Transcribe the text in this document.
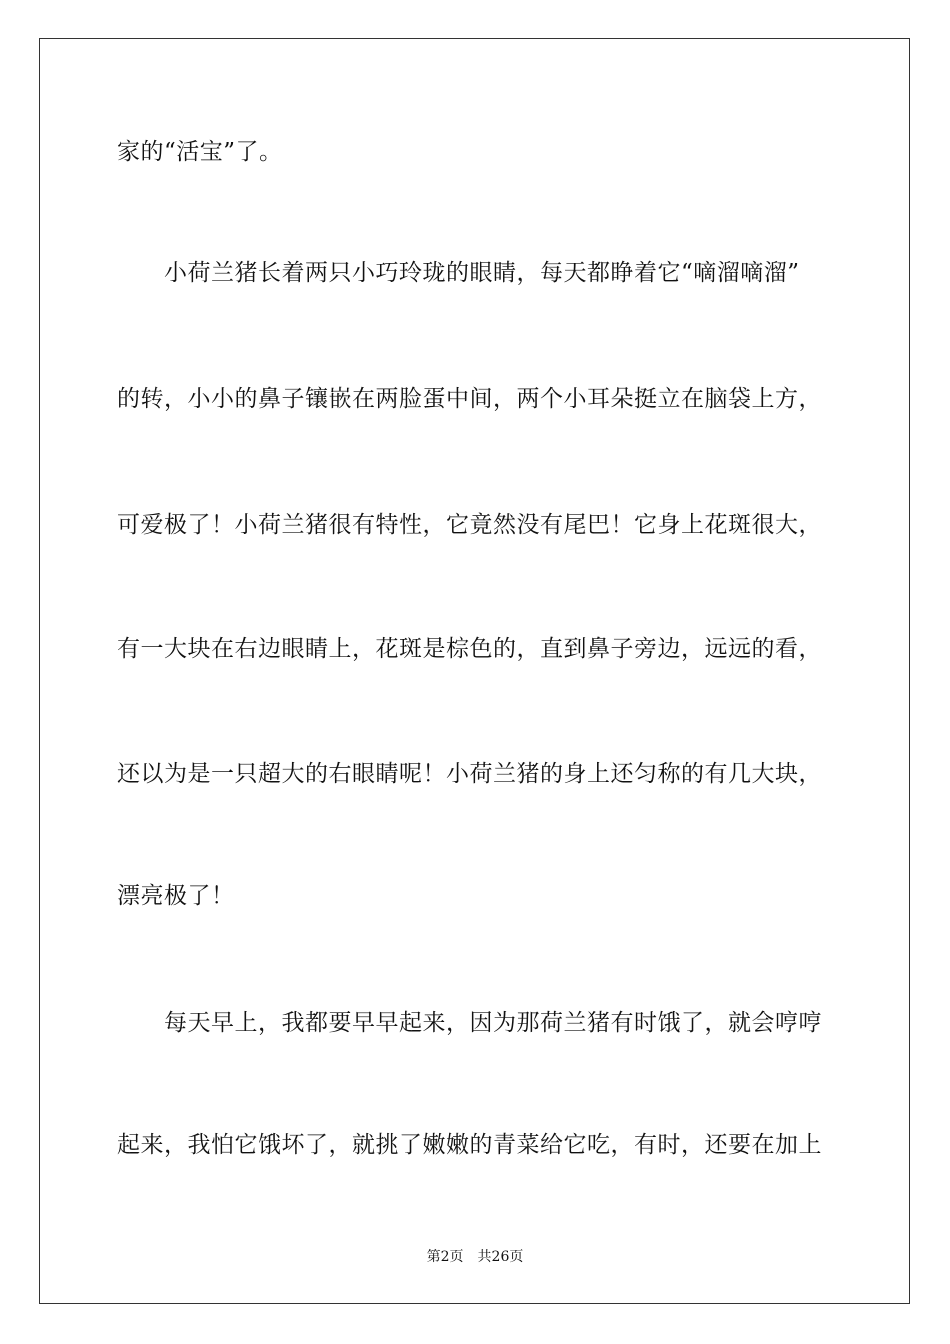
家的“活宝”了。
小荷兰猪长着两只小巧玲珑的眼睛，每天都睁着它“嘀溜嘀溜”
的转，小小的鼻子镶嵌在两脸蛋中间，两个小耳朵挺立在脑袋上方，
可爱极了！小荷兰猪很有特性，它竟然没有尾巴！它身上花斑很大，
有一大块在右边眼睛上，花斑是棕色的，直到鼻子旁边，远远的看，
还以为是一只超大的右眼睛呢！小荷兰猪的身上还匀称的有几大块，
漂亮极了！
每天早上，我都要早早起来，因为那荷兰猪有时饿了，就会哼哼
起来，我怕它饿坏了，就挑了嫩嫩的青菜给它吃，有时，还要在加上
第2页 共26页
